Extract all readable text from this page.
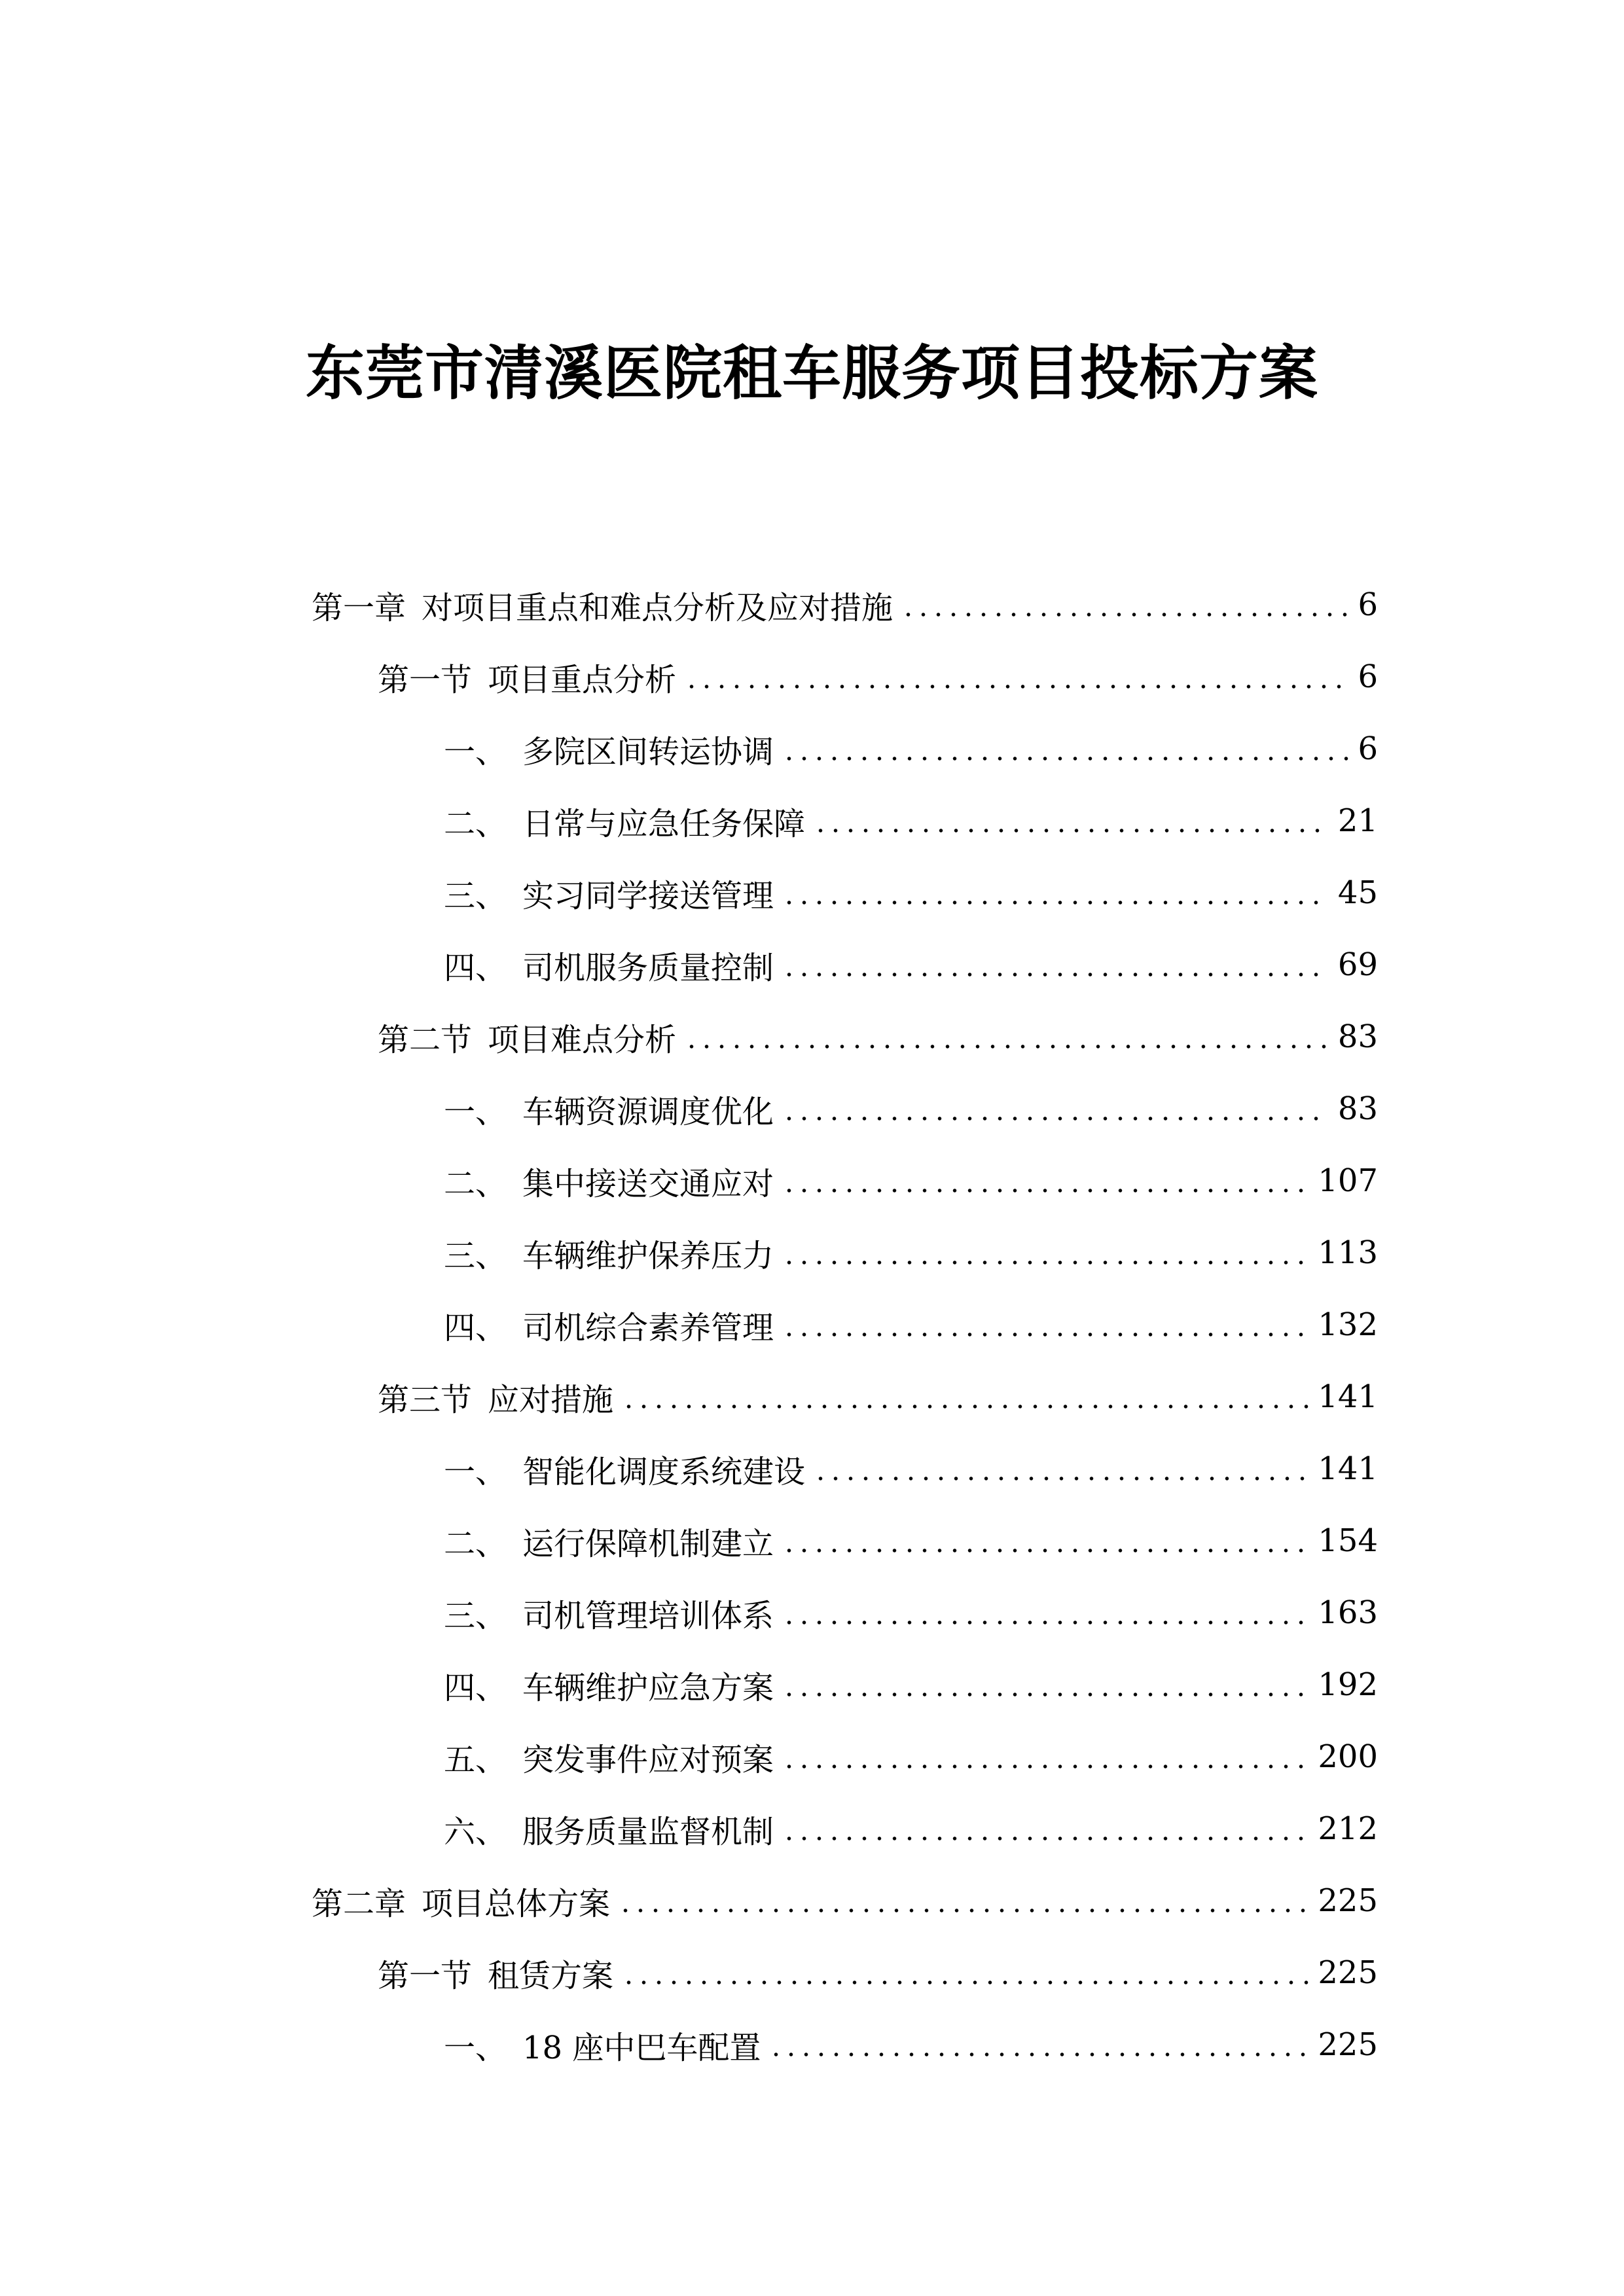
东莞市清溪医院租车服务项目投标方案
第一章 对项目重点和难点分析及应对措施	6
第一节 项目重点分析	6
一、 多院区间转运协调	6
二、 日常与应急任务保障	21
三、 实习同学接送管理	45
四、 司机服务质量控制	69
第二节 项目难点分析	83
一、 车辆资源调度优化	83
二、 集中接送交通应对	107
三、 车辆维护保养压力	113
四、 司机综合素养管理	132
第三节 应对措施	141
一、 智能化调度系统建设	141
二、 运行保障机制建立	154
三、 司机管理培训体系	163
四、 车辆维护应急方案	192
五、 突发事件应对预案	200
六、 服务质量监督机制	212
第二章 项目总体方案	225
第一节 租赁方案	225
一、 18 座中巴车配置	225
